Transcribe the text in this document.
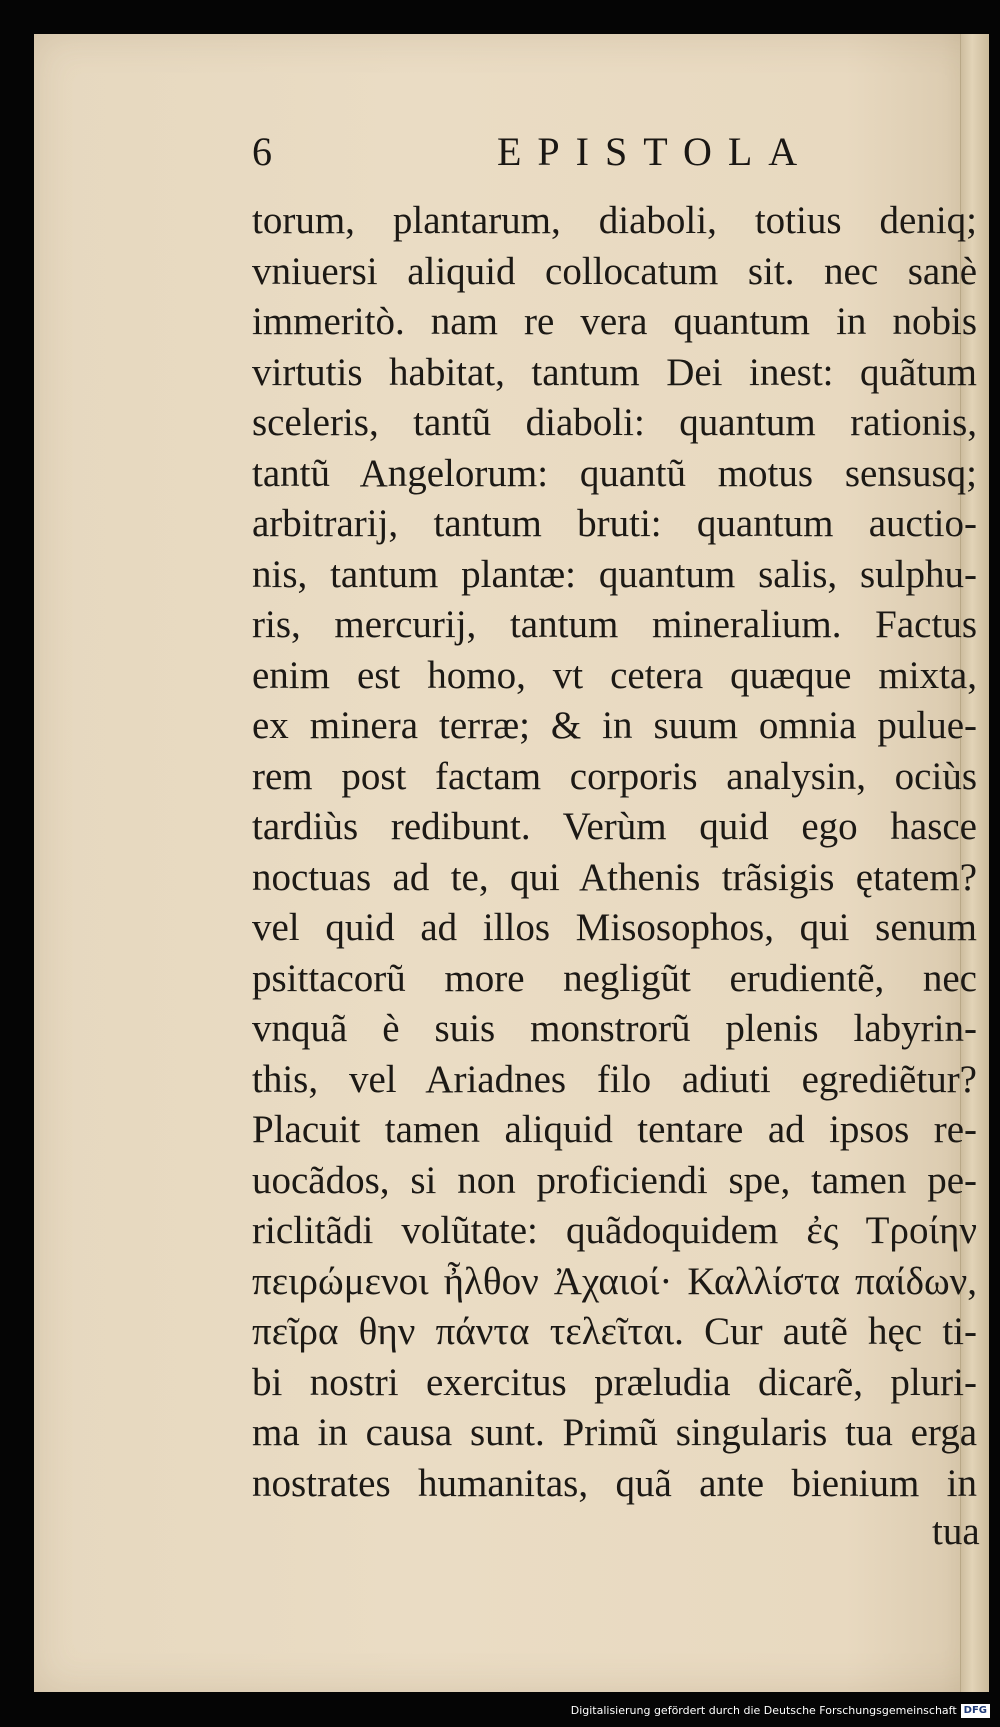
6	EPISTOLA
torum, plantarum, diaboli, totius deniq;
vniuersi aliquid collocatum sit. nec sanè
immeritò. nam re vera quantum in nobis
virtutis habitat, tantum Dei inest: quãtum
sceleris, tantũ diaboli: quantum rationis,
tantũ Angelorum: quantũ motus sensusq;
arbitrarij, tantum bruti: quantum auctio-
nis, tantum plantæ: quantum salis, sulphu-
ris, mercurij, tantum mineralium. Factus
enim est homo, vt cetera quæque mixta,
ex minera terræ; & in suum omnia pulue-
rem post factam corporis analysin, ociùs
tardiùs redibunt. Verùm quid ego hasce
noctuas ad te, qui Athenis trãsigis ętatem?
vel quid ad illos Misosophos, qui senum
psittacorũ more negligũt erudientẽ, nec
vnquã è suis monstrorũ plenis labyrin-
this, vel Ariadnes filo adiuti egrediẽtur?
Placuit tamen aliquid tentare ad ipsos re-
uocãdos, si non proficiendi spe, tamen pe-
riclitãdi volũtate: quãdoquidem ἐς Τροίην
πειρώμενοι ἦλθον Ἀχαιοί· Καλλίστα παίδων,
πεῖρα θην πάντα τελεῖται. Cur autẽ hęc ti-
bi nostri exercitus præludia dicarẽ, pluri-
ma in causa sunt. Primũ singularis tua erga
nostrates humanitas, quã ante bienium in
tua
Digitalisierung gefördert durch die Deutsche Forschungsgemeinschaft DFG
